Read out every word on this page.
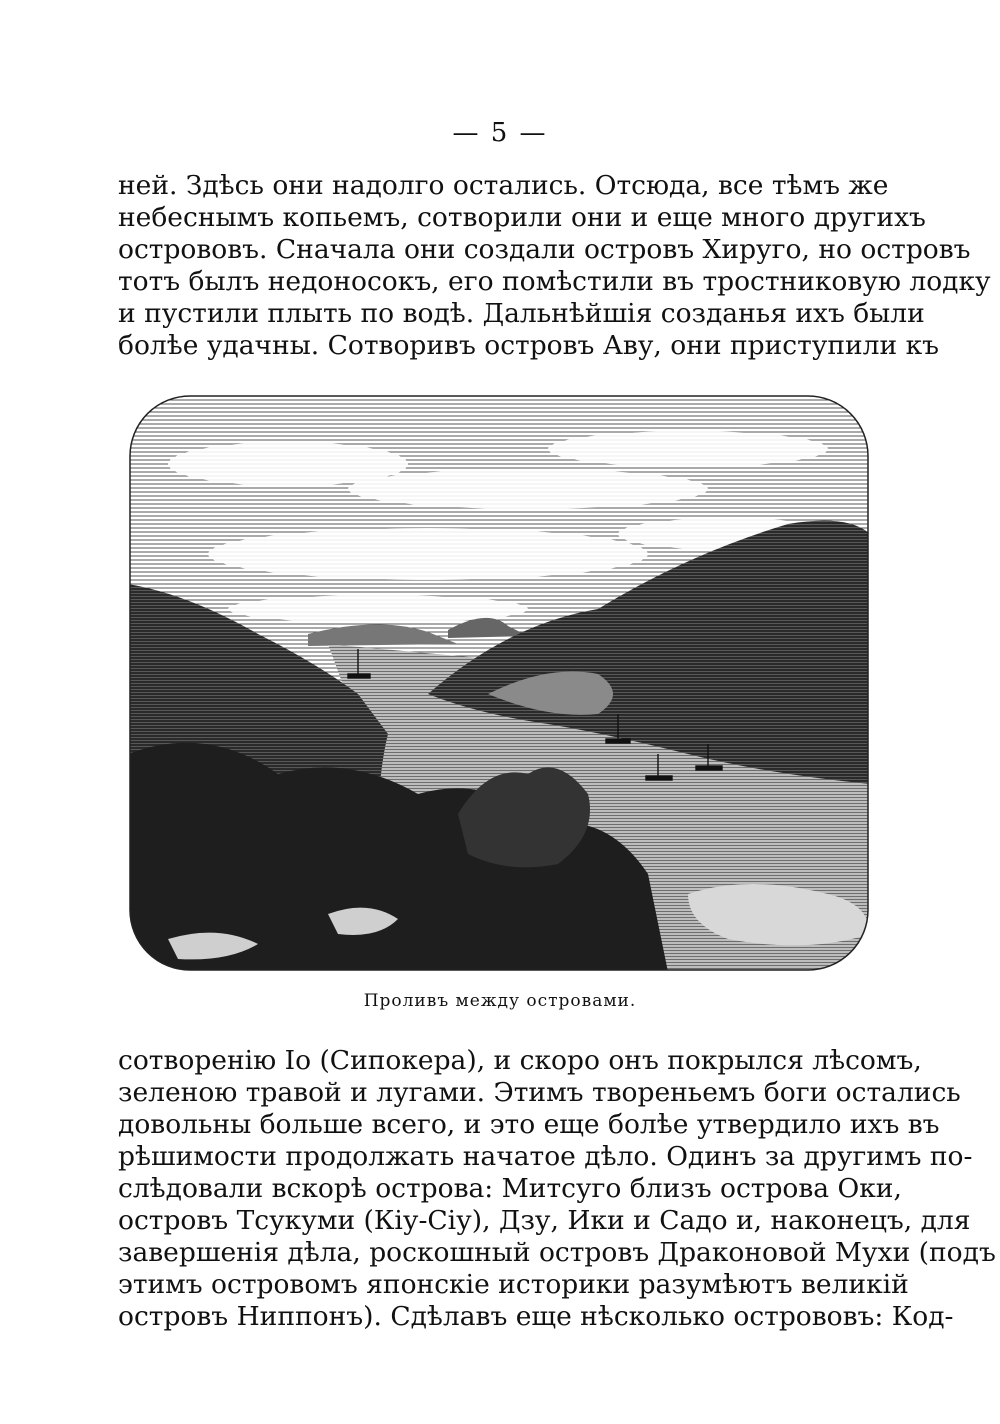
— 5 —
ней. Здѣсь они надолго остались. Отсюда, все тѣмъ же
небеснымъ копьемъ, сотворили они и еще много другихъ
острововъ. Сначала они создали островъ Хируго, но островъ
тотъ былъ недоносокъ, его помѣстили въ тростниковую лодку
и пустили плыть по водѣ. Дальнѣйшія созданья ихъ были
болѣе удачны. Сотворивъ островъ Аву, они приступили къ
Проливъ между островами.
сотворенію Іо (Сипокера), и скоро онъ покрылся лѣсомъ,
зеленою травой и лугами. Этимъ твореньемъ боги остались
довольны больше всего, и это еще болѣе утвердило ихъ въ
рѣшимости продолжать начатое дѣло. Одинъ за другимъ по-
слѣдовали вскорѣ острова: Митсуго близъ острова Оки,
островъ Тсукуми (Кіу-Сіу), Дзу, Ики и Садо и, наконецъ, для
завершенія дѣла, роскошный островъ Драконовой Мухи (подъ
этимъ островомъ японскіе историки разумѣютъ великій
островъ Ниппонъ). Сдѣлавъ еще нѣсколько острововъ: Код-
